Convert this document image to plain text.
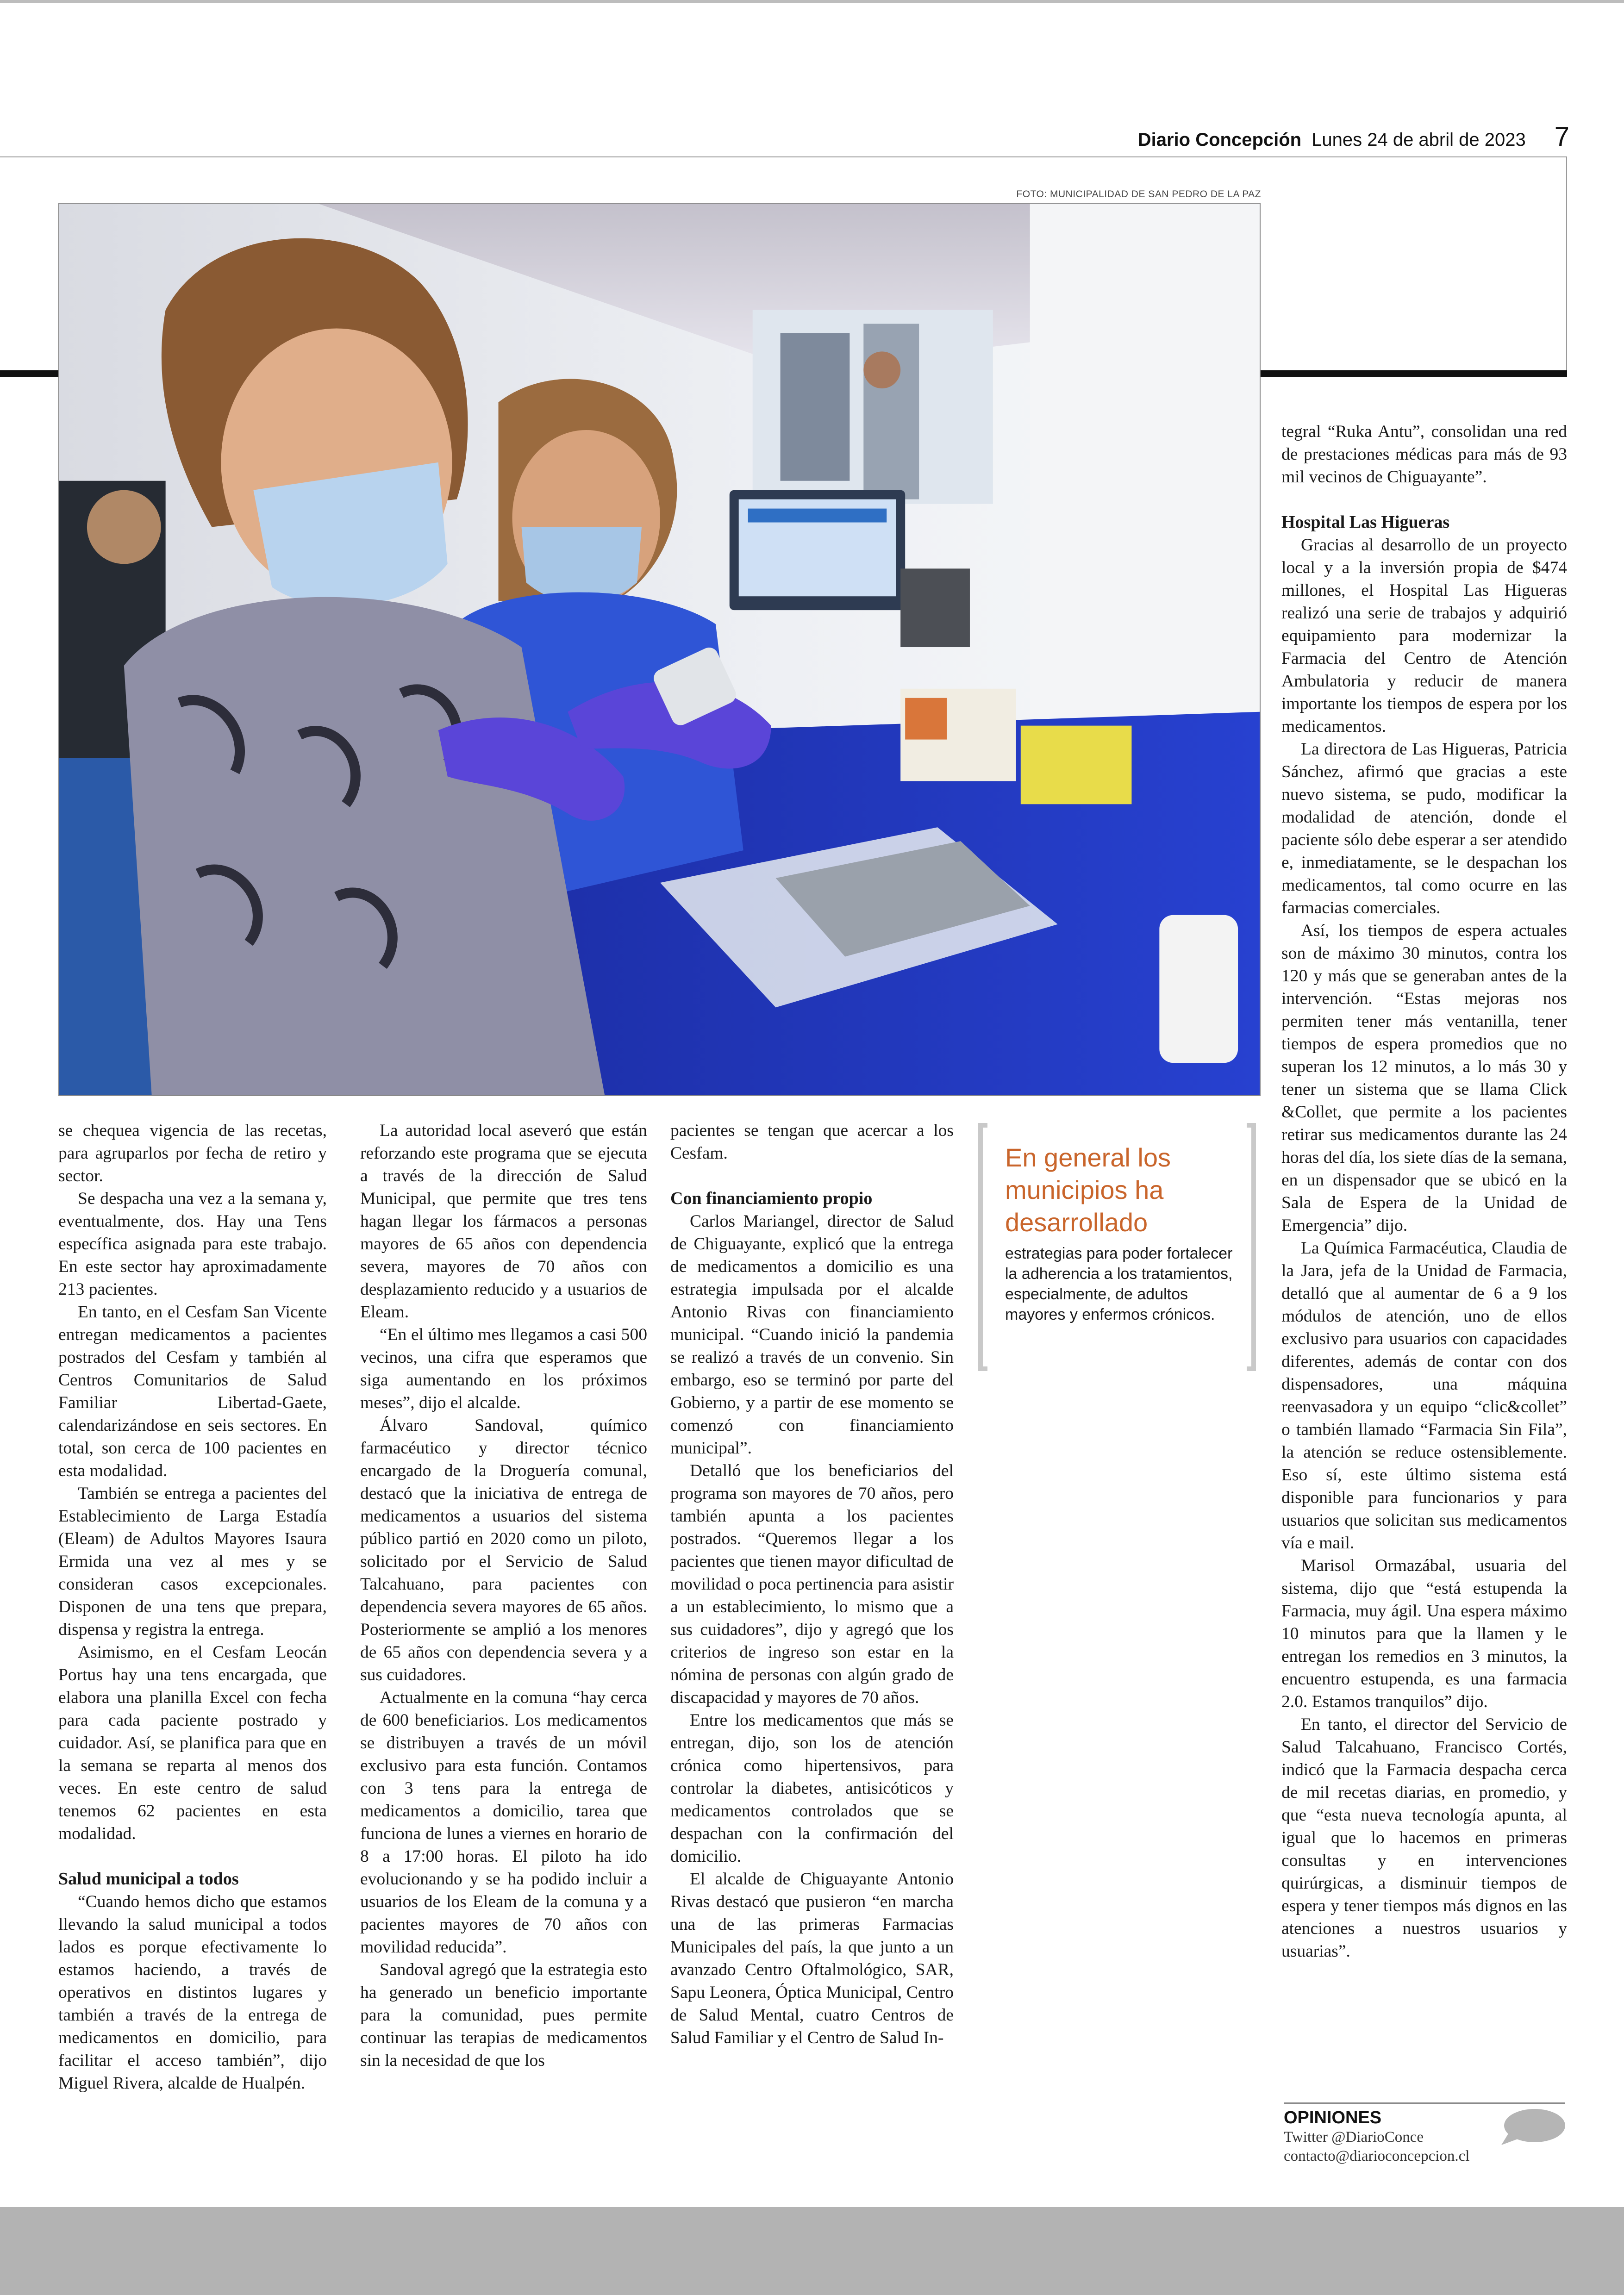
Diario Concepción Lunes 24 de abril de 2023 7
FOTO: MUNICIPALIDAD DE SAN PEDRO DE LA PAZ

se chequea vigencia de las recetas, para agruparlos por fecha de retiro y sector.

Se despacha una vez a la semana y, eventualmente, dos. Hay una Tens específica asignada para este trabajo. En este sector hay aproximadamente 213 pacientes.

En tanto, en el Cesfam San Vicente entregan medicamentos a pacientes postrados del Cesfam y también al Centros Comunitarios de Salud Familiar Libertad-Gaete, calendarizándose en seis sectores. En total, son cerca de 100 pacientes en esta modalidad.

También se entrega a pacientes del Establecimiento de Larga Estadía (Eleam) de Adultos Mayores Isaura Ermida una vez al mes y se consideran casos excepcionales. Disponen de una tens que prepara, dispensa y registra la entrega.

Asimismo, en el Cesfam Leocán Portus hay una tens encargada, que elabora una planilla Excel con fecha para cada paciente postrado y cuidador. Así, se planifica para que en la semana se reparta al menos dos veces. En este centro de salud tenemos 62 pacientes en esta modalidad.

Salud municipal a todos

“Cuando hemos dicho que estamos llevando la salud municipal a todos lados es porque efectivamente lo estamos haciendo, a través de operativos en distintos lugares y también a través de la entrega de medicamentos en domicilio, para facilitar el acceso también”, dijo Miguel Rivera, alcalde de Hualpén.

La autoridad local aseveró que están reforzando este programa que se ejecuta a través de la dirección de Salud Municipal, que permite que tres tens hagan llegar los fármacos a personas mayores de 65 años con dependencia severa, mayores de 70 años con desplazamiento reducido y a usuarios de Eleam.

“En el último mes llegamos a casi 500 vecinos, una cifra que esperamos que siga aumentando en los próximos meses”, dijo el alcalde.

Álvaro Sandoval, químico farmacéutico y director técnico encargado de la Droguería comunal, destacó que la iniciativa de entrega de medicamentos a usuarios del sistema público partió en 2020 como un piloto, solicitado por el Servicio de Salud Talcahuano, para pacientes con dependencia severa mayores de 65 años. Posteriormente se amplió a los menores de 65 años con dependencia severa y a sus cuidadores.

Actualmente en la comuna “hay cerca de 600 beneficiarios. Los medicamentos se distribuyen a través de un móvil exclusivo para esta función. Contamos con 3 tens para la entrega de medicamentos a domicilio, tarea que funciona de lunes a viernes en horario de 8 a 17:00 horas. El piloto ha ido evolucionando y se ha podido incluir a usuarios de los Eleam de la comuna y a pacientes mayores de 70 años con movilidad reducida”.

Sandoval agregó que la estrategia esto ha generado un beneficio importante para la comunidad, pues permite continuar las terapias de medicamentos sin la necesidad de que los

pacientes se tengan que acercar a los Cesfam.

Con financiamiento propio

Carlos Mariangel, director de Salud de Chiguayante, explicó que la entrega de medicamentos a domicilio es una estrategia impulsada por el alcalde Antonio Rivas con financiamiento municipal. “Cuando inició la pandemia se realizó a través de un convenio. Sin embargo, eso se terminó por parte del Gobierno, y a partir de ese momento se comenzó con financiamiento municipal”.

Detalló que los beneficiarios del programa son mayores de 70 años, pero también apunta a los pacientes postrados. “Queremos llegar a los pacientes que tienen mayor dificultad de movilidad o poca pertinencia para asistir a un establecimiento, lo mismo que a sus cuidadores”, dijo y agregó que los criterios de ingreso son estar en la nómina de personas con algún grado de discapacidad y mayores de 70 años.

Entre los medicamentos que más se entregan, dijo, son los de atención crónica como hipertensivos, para controlar la diabetes, antisicóticos y medicamentos controlados que se despachan con la confirmación del domicilio.

El alcalde de Chiguayante Antonio Rivas destacó que pusieron “en marcha una de las primeras Farmacias Municipales del país, la que junto a un avanzado Centro Oftalmológico, SAR, Sapu Leonera, Óptica Municipal, Centro de Salud Mental, cuatro Centros de Salud Familiar y el Centro de Salud In-

En general los municipios ha desarrollado
estrategias para poder fortalecer la adherencia a los tratamientos, especialmente, de adultos mayores y enfermos crónicos.

tegral “Ruka Antu”, consolidan una red de prestaciones médicas para más de 93 mil vecinos de Chiguayante”.

Hospital Las Higueras

Gracias al desarrollo de un proyecto local y a la inversión propia de $474 millones, el Hospital Las Higueras realizó una serie de trabajos y adquirió equipamiento para modernizar la Farmacia del Centro de Atención Ambulatoria y reducir de manera importante los tiempos de espera por los medicamentos.

La directora de Las Higueras, Patricia Sánchez, afirmó que gracias a este nuevo sistema, se pudo, modificar la modalidad de atención, donde el paciente sólo debe esperar a ser atendido e, inmediatamente, se le despachan los medicamentos, tal como ocurre en las farmacias comerciales.

Así, los tiempos de espera actuales son de máximo 30 minutos, contra los 120 y más que se generaban antes de la intervención. “Estas mejoras nos permiten tener más ventanilla, tener tiempos de espera promedios que no superan los 12 minutos, a lo más 30 y tener un sistema que se llama Click &Collet, que permite a los pacientes retirar sus medicamentos durante las 24 horas del día, los siete días de la semana, en un dispensador que se ubicó en la Sala de Espera de la Unidad de Emergencia” dijo.

La Química Farmacéutica, Claudia de la Jara, jefa de la Unidad de Farmacia, detalló que al aumentar de 6 a 9 los módulos de atención, uno de ellos exclusivo para usuarios con capacidades diferentes, además de contar con dos dispensadores, una máquina reenvasadora y un equipo “clic&collet” o también llamado “Farmacia Sin Fila”, la atención se reduce ostensiblemente. Eso sí, este último sistema está disponible para funcionarios y para usuarios que solicitan sus medicamentos vía e mail.

Marisol Ormazábal, usuaria del sistema, dijo que “está estupenda la Farmacia, muy ágil. Una espera máximo 10 minutos para que la llamen y le entregan los remedios en 3 minutos, la encuentro estupenda, es una farmacia 2.0. Estamos tranquilos” dijo.

En tanto, el director del Servicio de Salud Talcahuano, Francisco Cortés, indicó que la Farmacia despacha cerca de mil recetas diarias, en promedio, y que “esta nueva tecnología apunta, al igual que lo hacemos en primeras consultas y en intervenciones quirúrgicas, a disminuir tiempos de espera y tener tiempos más dignos en las atenciones a nuestros usuarios y usuarias”.

OPINIONES
Twitter @DiarioConce
contacto@diarioconcepcion.cl
